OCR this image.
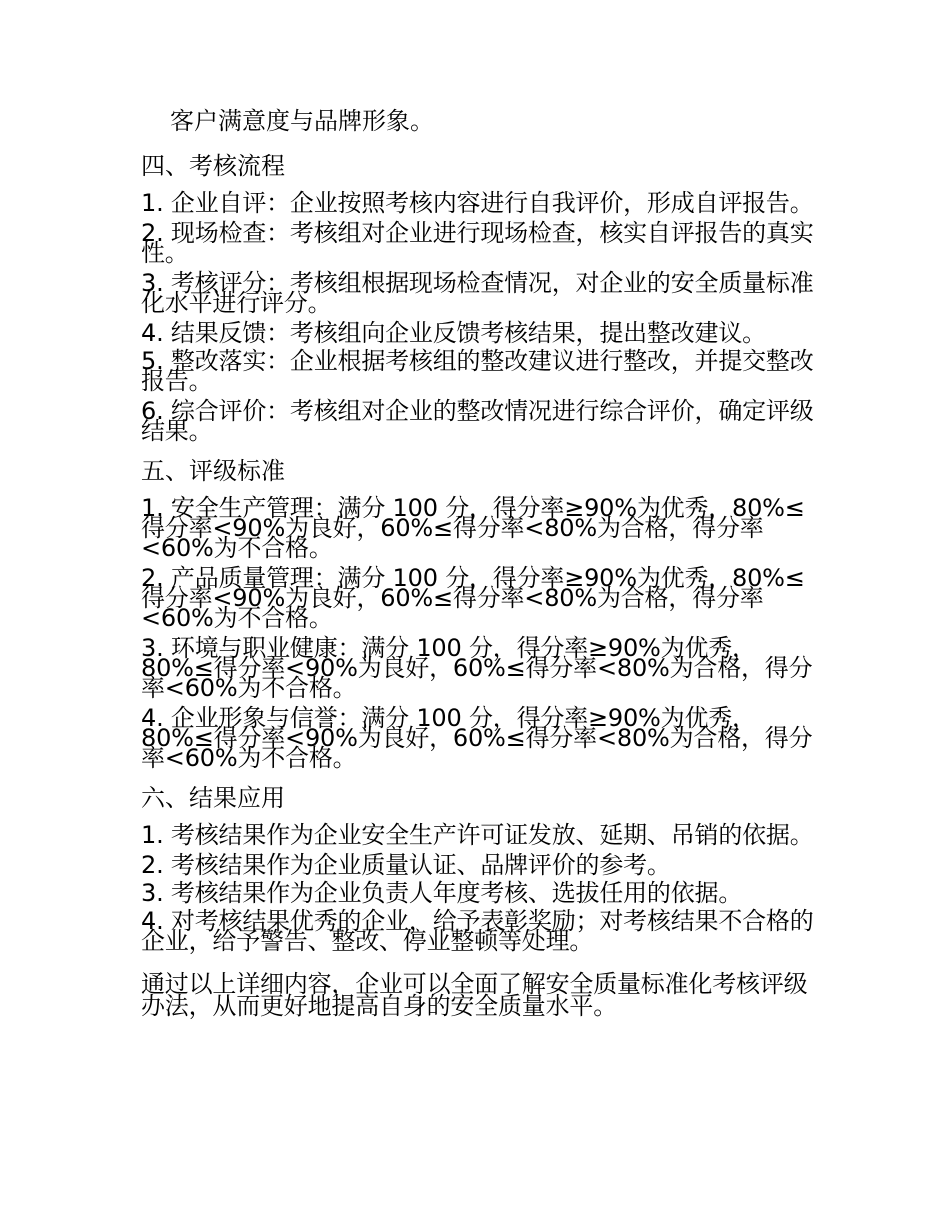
客户满意度与品牌形象。

四、考核流程

1. 企业自评：企业按照考核内容进行自我评价，形成自评报告。

2. 现场检查：考核组对企业进行现场检查，核实自评报告的真实性。

3. 考核评分：考核组根据现场检查情况，对企业的安全质量标准化水平进行评分。

4. 结果反馈：考核组向企业反馈考核结果，提出整改建议。

5. 整改落实：企业根据考核组的整改建议进行整改，并提交整改报告。

6. 综合评价：考核组对企业的整改情况进行综合评价，确定评级结果。

五、评级标准

1. 安全生产管理：满分 100 分，得分率≥90%为优秀，80%≤得分率<90%为良好，60%≤得分率<80%为合格，得分率<60%为不合格。

2. 产品质量管理：满分 100 分，得分率≥90%为优秀，80%≤得分率<90%为良好，60%≤得分率<80%为合格，得分率<60%为不合格。

3. 环境与职业健康：满分 100 分，得分率≥90%为优秀，80%≤得分率<90%为良好，60%≤得分率<80%为合格，得分率<60%为不合格。

4. 企业形象与信誉：满分 100 分，得分率≥90%为优秀，80%≤得分率<90%为良好，60%≤得分率<80%为合格，得分率<60%为不合格。

六、结果应用

1. 考核结果作为企业安全生产许可证发放、延期、吊销的依据。

2. 考核结果作为企业质量认证、品牌评价的参考。

3. 考核结果作为企业负责人年度考核、选拔任用的依据。

4. 对考核结果优秀的企业，给予表彰奖励；对考核结果不合格的企业，给予警告、整改、停业整顿等处理。

通过以上详细内容，企业可以全面了解安全质量标准化考核评级办法，从而更好地提高自身的安全质量水平。
